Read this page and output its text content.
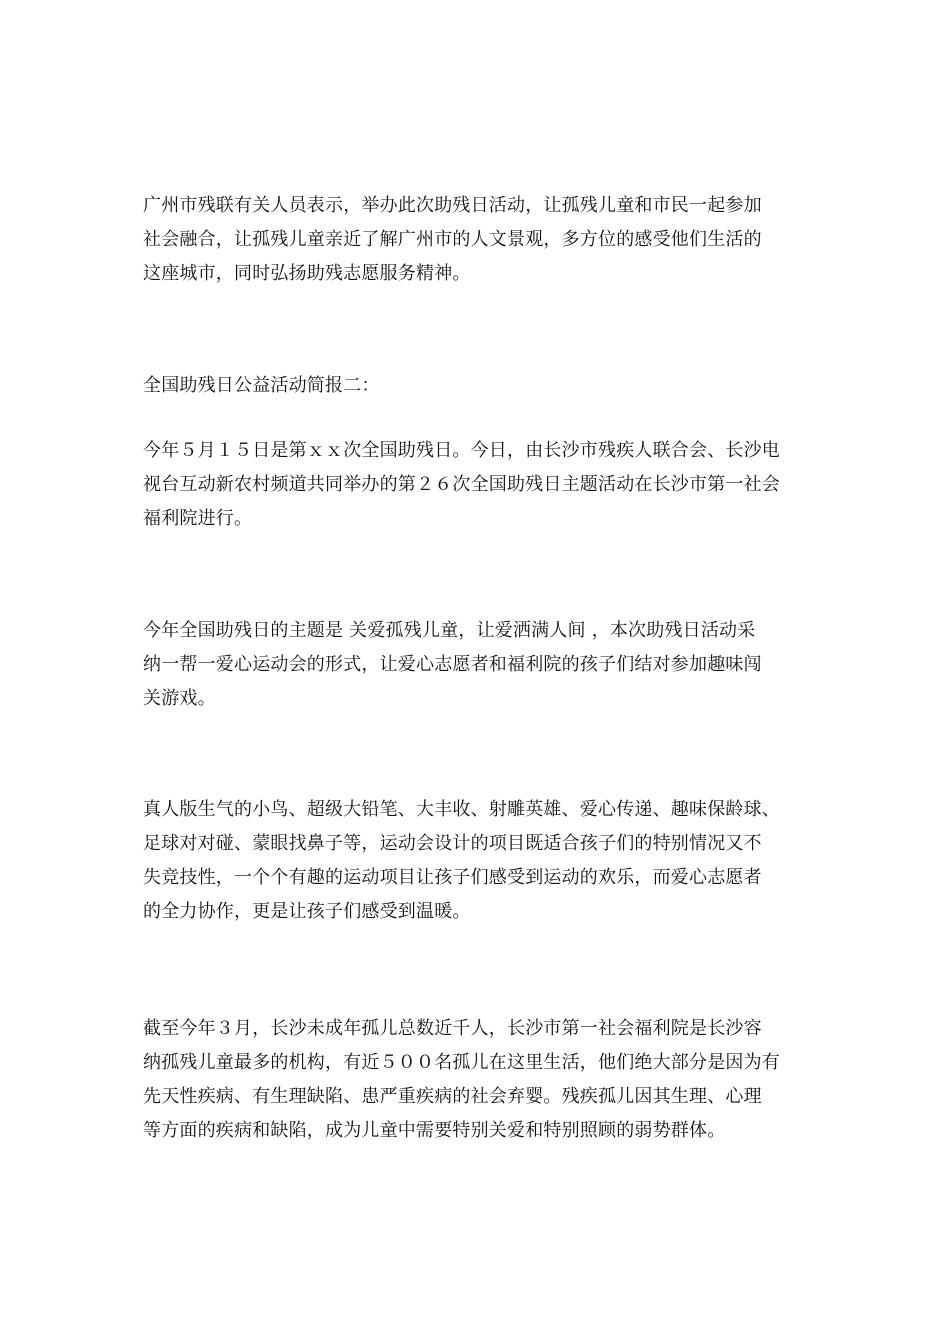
广州市残联有关人员表示，举办此次助残日活动，让孤残儿童和市民一起参加
社会融合，让孤残儿童亲近了解广州市的人文景观，多方位的感受他们生活的
这座城市，同时弘扬助残志愿服务精神。

全国助残日公益活动简报二：

今年５月１５日是第ｘｘ次全国助残日。今日，由长沙市残疾人联合会、长沙电
视台互动新农村频道共同举办的第２６次全国助残日主题活动在长沙市第一社会
福利院进行。

今年全国助残日的主题是 关爱孤残儿童，让爱洒满人间 ，本次助残日活动采
纳一帮一爱心运动会的形式，让爱心志愿者和福利院的孩子们结对参加趣味闯
关游戏。

真人版生气的小鸟、超级大铅笔、大丰收、射雕英雄、爱心传递、趣味保龄球、
足球对对碰、蒙眼找鼻子等，运动会设计的项目既适合孩子们的特别情况又不
失竞技性，一个个有趣的运动项目让孩子们感受到运动的欢乐，而爱心志愿者
的全力协作，更是让孩子们感受到温暖。

截至今年３月，长沙未成年孤儿总数近千人，长沙市第一社会福利院是长沙容
纳孤残儿童最多的机构，有近５００名孤儿在这里生活，他们绝大部分是因为有
先天性疾病、有生理缺陷、患严重疾病的社会弃婴。残疾孤儿因其生理、心理
等方面的疾病和缺陷，成为儿童中需要特别关爱和特别照顾的弱势群体。
